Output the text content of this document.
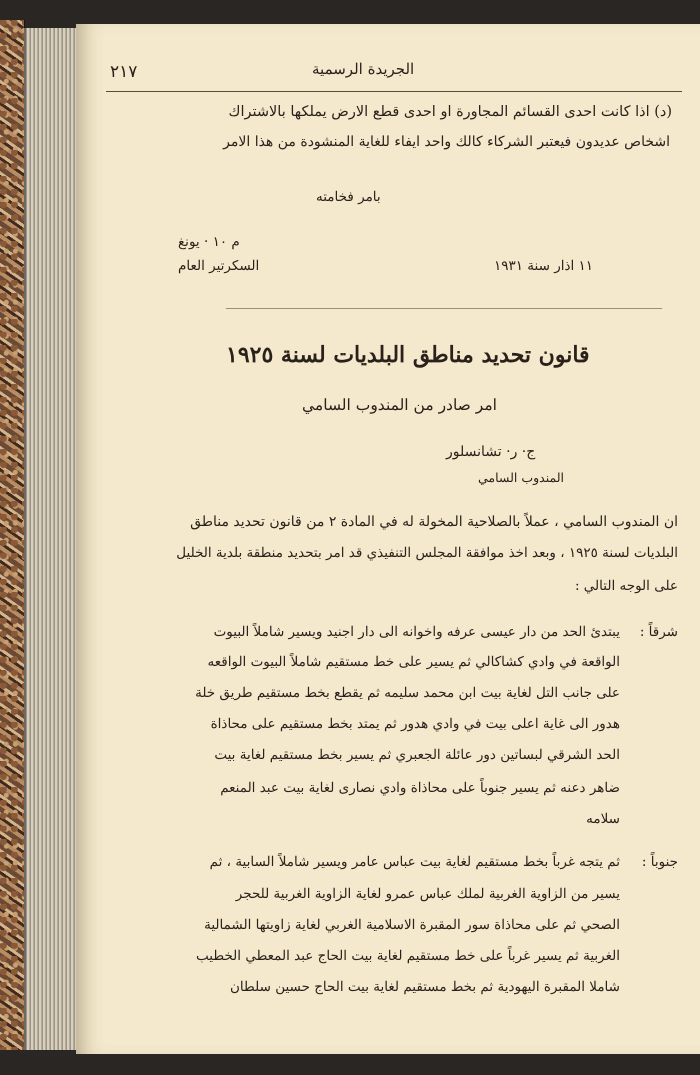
٢١٧	الجريدة الرسمية

(د) اذا كانت احدى القسائم المجاورة او احدى قطع الارض يملكها بالاشتراك

اشخاص عديدون فيعتبر الشركاء كالك واحد ايفاء للغاية المنشودة من هذا الامر

بامر فخامته

م ١٠ · يونغ

السكرتير العام	١١ اذار سنة ١٩٣١

قانون تحديد مناطق البلديات لسنة ١٩٢٥

امر صادر من المندوب السامي

ج· ر· تشانسلور

المندوب السامي

ان المندوب السامي ، عملاً بالصلاحية المخولة له في المادة ٢ من قانون تحديد مناطق

البلديات لسنة ١٩٢٥ ، وبعد اخذ موافقة المجلس التنفيذي قد امر بتحديد منطقة بلدية الخليل

على الوجه التالي :

شرقاً :

يبتدئ الحد من دار عيسى عرفه واخوانه الى دار اجنيد ويسير شاملاً البيوت

الواقعة في وادي كشاكالي ثم يسير على خط مستقيم شاملاً البيوت الواقعه

على جانب التل لغاية بيت ابن محمد سليمه ثم يقطع بخط مستقيم طريق خلة

هدور الى غاية اعلى بيت في وادي هدور ثم يمتد بخط مستقيم على محاذاة

الحد الشرقي لبساتين دور عائلة الجعبري ثم يسير بخط مستقيم لغاية بيت

ضاهر دعنه ثم يسير جنوباً على محاذاة وادي نصارى لغاية بيت عبد المنعم

سلامه

جنوباً :

ثم يتجه غرباً بخط مستقيم لغاية بيت عباس عامر ويسير شاملاً السابية ، ثم

يسير من الزاوية الغربية لملك عباس عمرو لغاية الزاوية الغربية للحجر

الصحي ثم على محاذاة سور المقبرة الاسلامية الغربي لغاية زاويتها الشمالية

الغربية ثم يسير غرباً على خط مستقيم لغاية بيت الحاج عبد المعطي الخطيب

شاملا المقبرة اليهودية ثم بخط مستقيم لغاية بيت الحاج حسين سلطان
